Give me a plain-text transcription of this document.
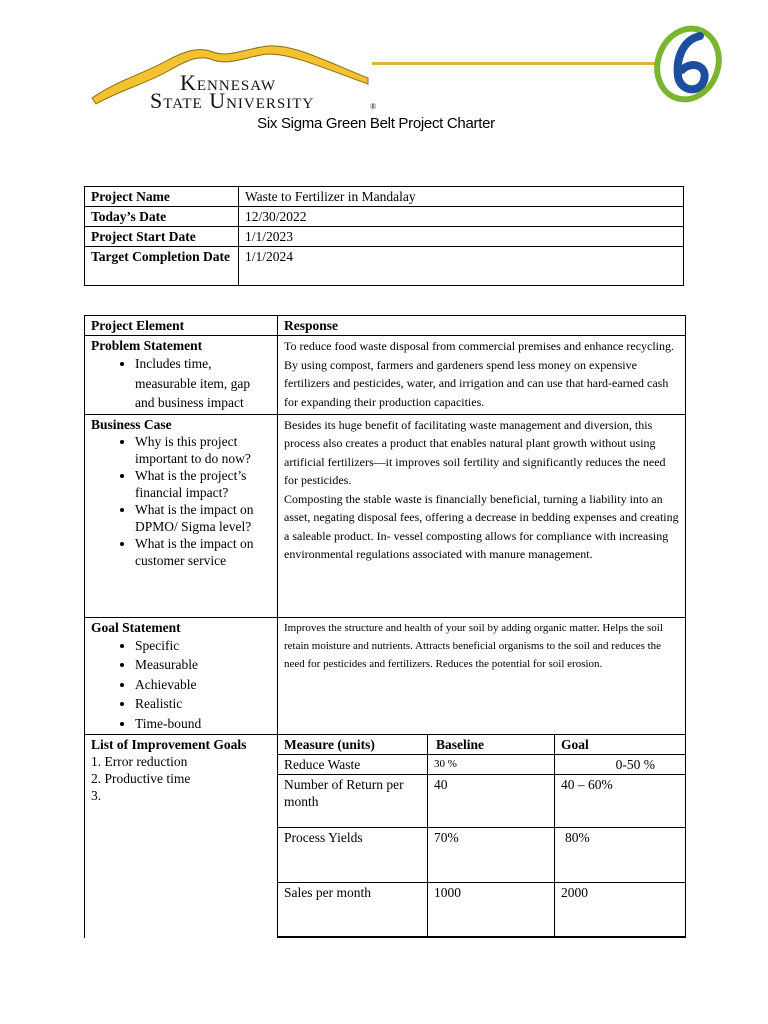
Kennesaw
State University	®
Six Sigma Green Belt Project Charter
Project Name	Waste to Fertilizer in Mandalay
Today’s Date	12/30/2022
Project Start Date	1/1/2023
Target Completion Date	1/1/2024
Project Element	Response

Problem Statement
• Includes time, measurable item, gap and business impact
	To reduce food waste disposal from commercial premises and enhance recycling. By using compost, farmers and gardeners spend less money on expensive fertilizers and pesticides, water, and irrigation and can use that hard-earned cash for expanding their production capacities.

Business Case
• Why is this project important to do now?
• What is the project’s financial impact?
• What is the impact on DPMO/ Sigma level?
• What is the impact on customer service

Besides its huge benefit of facilitating waste management and diversion, this process also creates a product that enables natural plant growth without using artificial fertilizers—it improves soil fertility and significantly reduces the need for pesticides.
Composting the stable waste is financially beneficial, turning a liability into an asset, negating disposal fees, offering a decrease in bedding expenses and creating a saleable product. In- vessel composting allows for compliance with increasing environmental regulations associated with manure management.

Goal Statement
• Specific
• Measurable
• Achievable
• Realistic
• Time-bound
	Improves the structure and health of your soil by adding organic matter. Helps the soil retain moisture and nutrients. Attracts beneficial organisms to the soil and reduces the need for pesticides and fertilizers. Reduces the potential for soil erosion.

List of Improvement Goals
1. Error reduction
2. Productive time
3.

Measure (units)	Baseline	Goal
Reduce Waste	30 %	0-50 %
Number of Return per month	40	40 – 60%
Process Yields	70%	80%
Sales per month	1000	2000
